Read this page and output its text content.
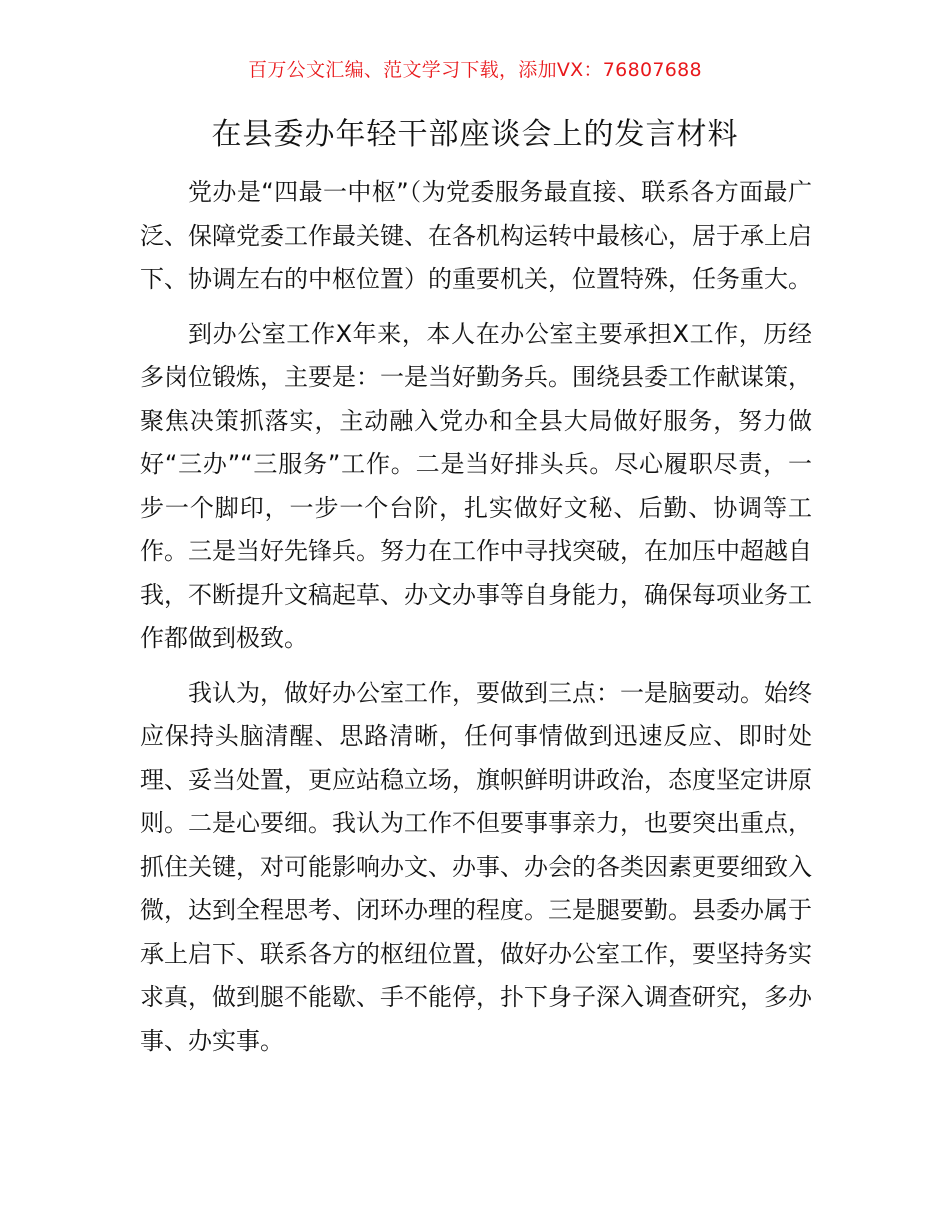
百万公文汇编、范文学习下载，添加VX：76807688
在县委办年轻干部座谈会上的发言材料

党办是“四最一中枢”（为党委服务最直接、联系各方面最广泛、保障党委工作最关键、在各机构运转中最核心，居于承上启下、协调左右的中枢位置）的重要机关，位置特殊，任务重大。

到办公室工作X年来，本人在办公室主要承担X工作，历经多岗位锻炼，主要是：一是当好勤务兵。围绕县委工作献谋策，聚焦决策抓落实，主动融入党办和全县大局做好服务，努力做好“三办”“三服务”工作。二是当好排头兵。尽心履职尽责，一步一个脚印，一步一个台阶，扎实做好文秘、后勤、协调等工作。三是当好先锋兵。努力在工作中寻找突破，在加压中超越自我，不断提升文稿起草、办文办事等自身能力，确保每项业务工作都做到极致。

我认为，做好办公室工作，要做到三点：一是脑要动。始终应保持头脑清醒、思路清晰，任何事情做到迅速反应、即时处理、妥当处置，更应站稳立场，旗帜鲜明讲政治，态度坚定讲原则。二是心要细。我认为工作不但要事事亲力，也要突出重点，抓住关键，对可能影响办文、办事、办会的各类因素更要细致入微，达到全程思考、闭环办理的程度。三是腿要勤。县委办属于承上启下、联系各方的枢纽位置，做好办公室工作，要坚持务实求真，做到腿不能歇、手不能停，扑下身子深入调查研究，多办事、办实事。
